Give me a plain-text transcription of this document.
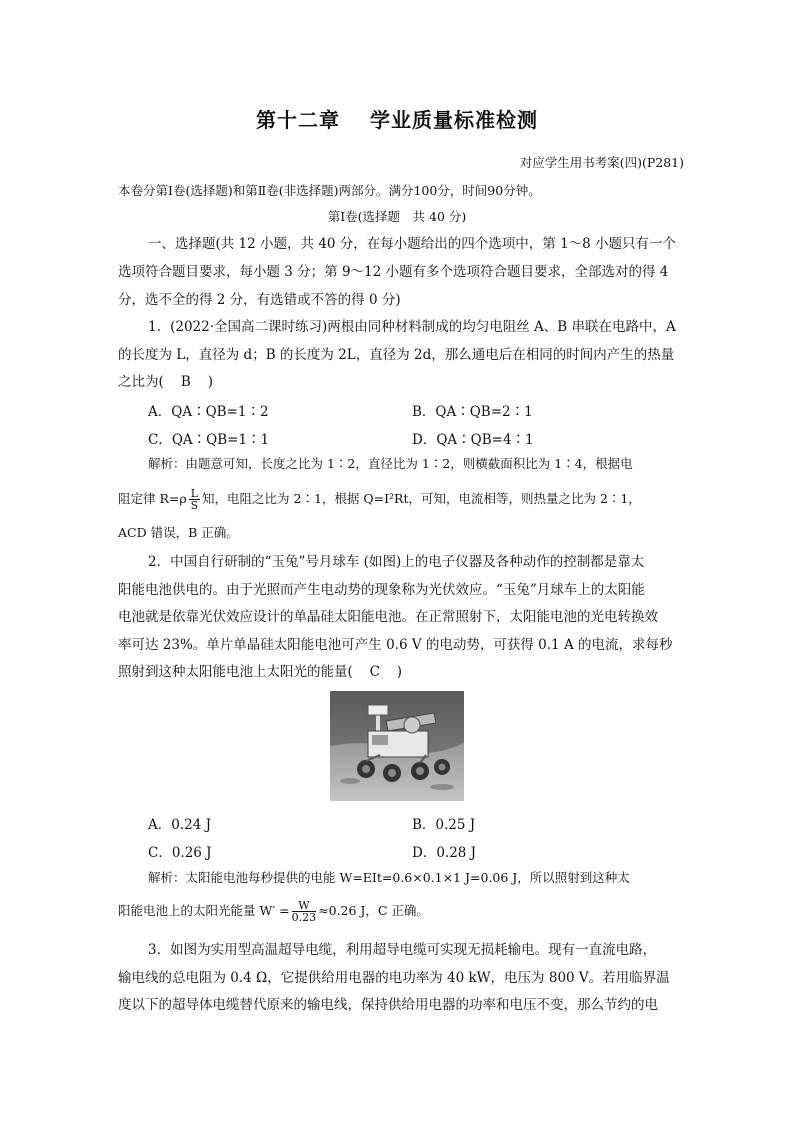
第十二章 学业质量标准检测
对应学生用书考案(四)(P281)
本卷分第Ⅰ卷(选择题)和第Ⅱ卷(非选择题)两部分。满分100分，时间90分钟。
第Ⅰ卷(选择题　共 40 分)
一、选择题(共 12 小题，共 40 分，在每小题给出的四个选项中，第 1～8 小题只有一个
选项符合题目要求，每小题 3 分；第 9～12 小题有多个选项符合题目要求，全部选对的得 4
分，选不全的得 2 分，有选错或不答的得 0 分)
1．(2022·全国高二课时练习)两根由同种材料制成的均匀电阻丝 A、B 串联在电路中，A
的长度为 L，直径为 d；B 的长度为 2L，直径为 2d，那么通电后在相同的时间内产生的热量
之比为( B )
A．QA∶QB=1∶2	B．QA∶QB=2∶1
C．QA∶QB=1∶1	D．QA∶QB=4∶1
解析：由题意可知，长度之比为 1∶2，直径比为 1∶2，则横截面积比为 1∶4，根据电
阻定律 $R=\rho \frac{L}{S}$ 知，电阻之比为 2∶1，根据 Q=I²Rt，可知，电流相等，则热量之比为 2∶1，
ACD 错误，B 正确。
2．中国自行研制的“玉兔”号月球车 (如图)上的电子仪器及各种动作的控制都是靠太
阳能电池供电的。由于光照而产生电动势的现象称为光伏效应。“玉兔”月球车上的太阳能
电池就是依靠光伏效应设计的单晶硅太阳能电池。在正常照射下，太阳能电池的光电转换效
率可达 23%。单片单晶硅太阳能电池可产生 0.6 V 的电动势，可获得 0.1 A 的电流，求每秒
照射到这种太阳能电池上太阳光的能量( C )
A．0.24 J	B．0.25 J
C．0.26 J	D．0.28 J
解析：太阳能电池每秒提供的电能 W=EIt=0.6×0.1×1 J=0.06 J，所以照射到这种太
阳能电池上的太阳光能量 $W' = \frac{W}{0.23} \approx 0.26$ J，C 正确。
3．如图为实用型高温超导电缆，利用超导电缆可实现无损耗输电。现有一直流电路，
输电线的总电阻为 0.4 Ω，它提供给用电器的电功率为 40 kW，电压为 800 V。若用临界温
度以下的超导体电缆替代原来的输电线，保持供给用电器的功率和电压不变，那么节约的电
